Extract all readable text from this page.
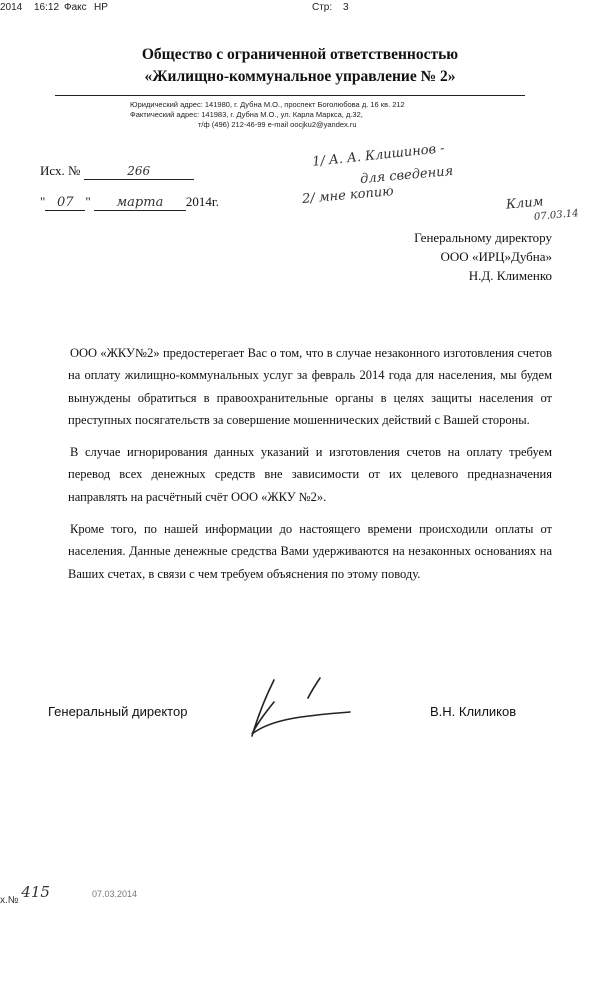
2014 16:12 Факс HP	Стр: 3
Общество с ограниченной ответственностью
«Жилищно-коммунальное управление № 2»
Юридический адрес: 141980, г. Дубна М.О., проспект Боголюбова д. 16 кв. 212
Фактический адрес: 141983, г. Дубна М.О., ул. Карла Маркса, д.32,
т/ф (496) 212-46-99 e-mail oocjku2@yandex.ru
Исх. №	266
" 07 " марта 2014г.
1/ А. А. Клишинов -
для сведения
2/ мне копию	Клим
07.03.14
Генеральному директору
ООО «ИРЦ»Дубна»
Н.Д. Клименко

ООО «ЖКУ№2» предостерегает Вас о том, что в случае незаконного изготовления счетов на оплату жилищно-коммунальных услуг за февраль 2014 года для населения, мы будем вынуждены обратиться в правоохранительные органы в целях защиты населения от преступных посягательств за совершение мошеннических действий с Вашей стороны.

В случае игнорирования данных указаний и изготовления счетов на оплату требуем перевод всех денежных средств вне зависимости от их целевого предназначения направлять на расчётный счёт ООО «ЖКУ №2».

Кроме того, по нашей информации до настоящего времени происходили оплаты от населения. Данные денежные средства Вами удерживаются на незаконных основаниях на Ваших счетах, в связи с чем требуем объяснения по этому поводу.

Генеральный директор	В.Н. Клиликов
х.№ 415	07.03.2014
